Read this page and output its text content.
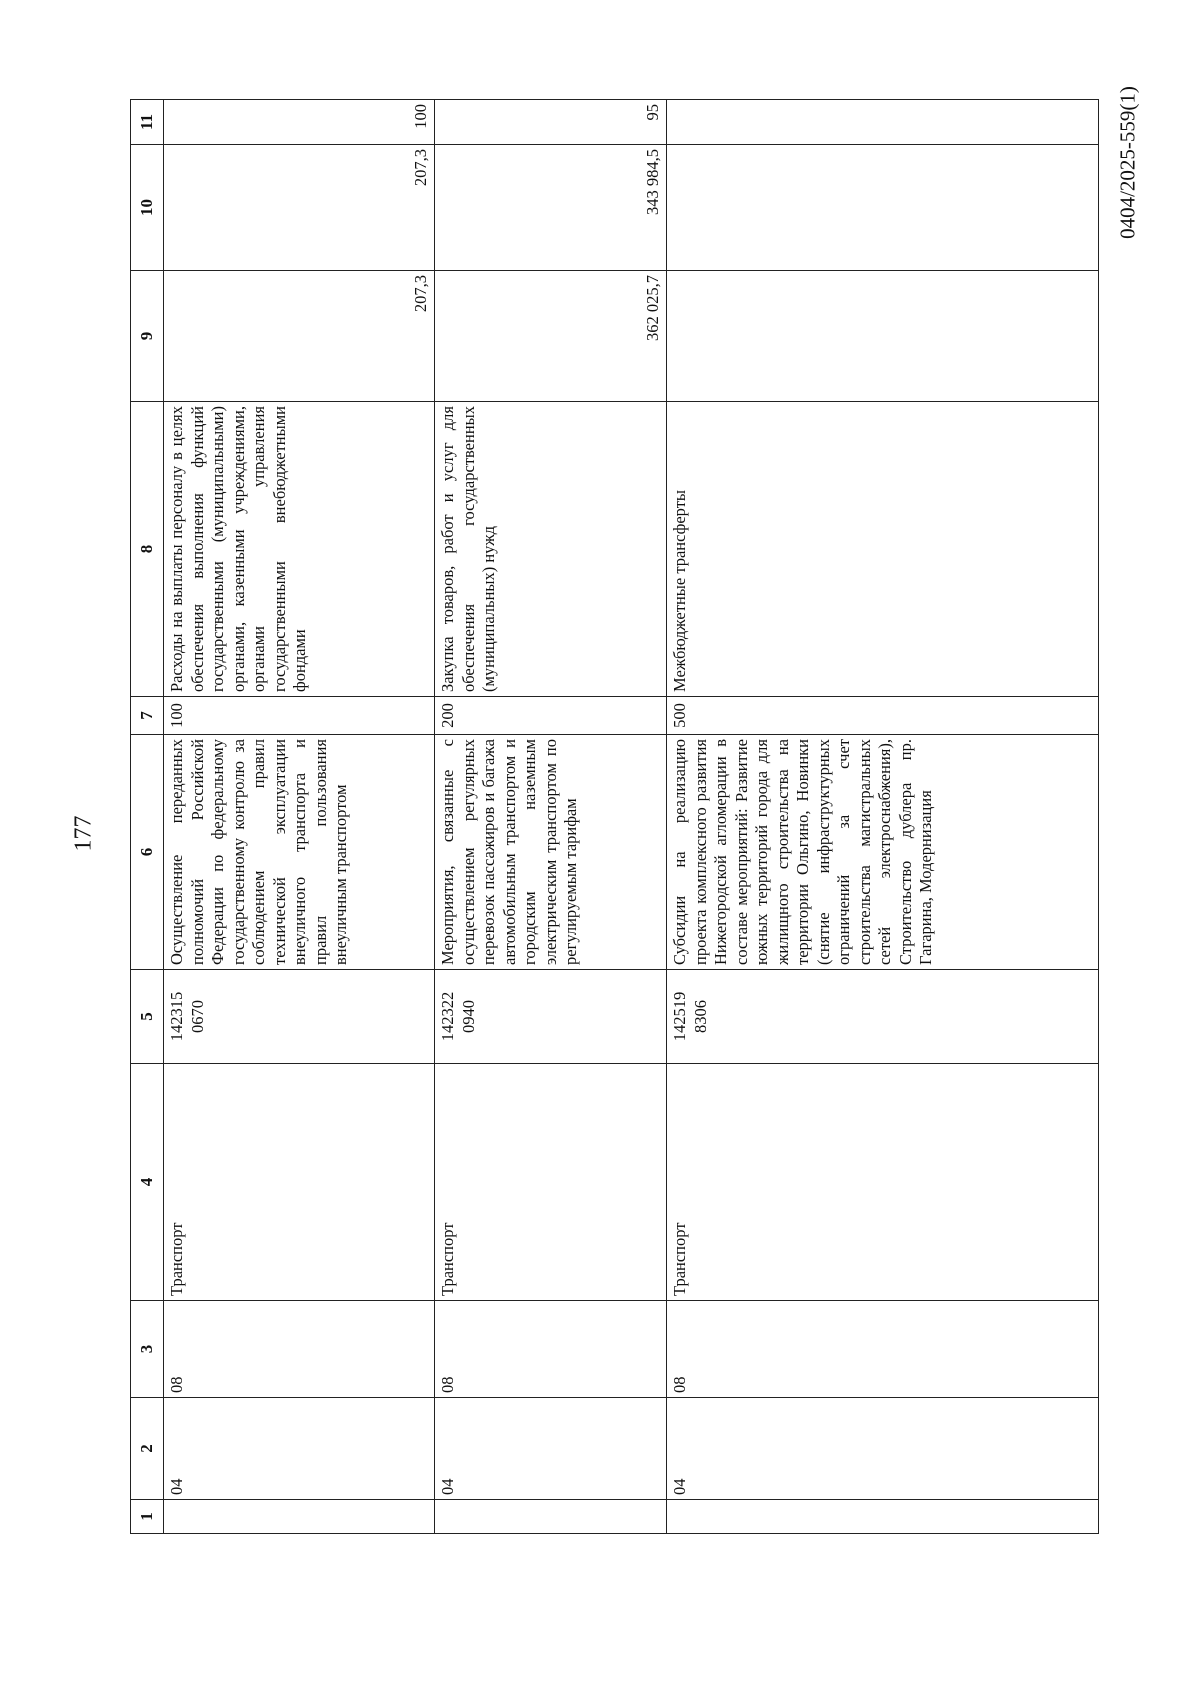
177
0404/2025-559(1)
1	2	3	4	5	6	7	8	9	10	11
	04	08	Транспорт	142315 0670	Осуществление переданных полномочий Российской Федерации по федеральному государственному контролю за соблюдением правил технической эксплуатации внеуличного транспорта и правил пользования внеуличным транспортом	100	Расходы на выплаты персоналу в целях обеспечения выполнения функций государственными (муниципальными) органами, казенными учреждениями, органами управления государственными внебюджетными фондами	207,3	207,3	100
	04	08	Транспорт	142322 0940	Мероприятия, связанные с осуществлением регулярных перевозок пассажиров и багажа автомобильным транспортом и городским наземным электрическим транспортом по регулируемым тарифам	200	Закупка товаров, работ и услуг для обеспечения государственных (муниципальных) нужд	362 025,7	343 984,5	95
	04	08	Транспорт	142519 8306	Субсидии на реализацию проекта комплексного развития Нижегородской агломерации в составе мероприятий: Развитие южных территорий города для жилищного строительства на территории Ольгино, Новинки (снятие инфраструктурных ограничений за счет строительства магистральных сетей электроснабжения), Строительство дублера пр. Гагарина, Модернизация	500	Межбюджетные трансферты			
